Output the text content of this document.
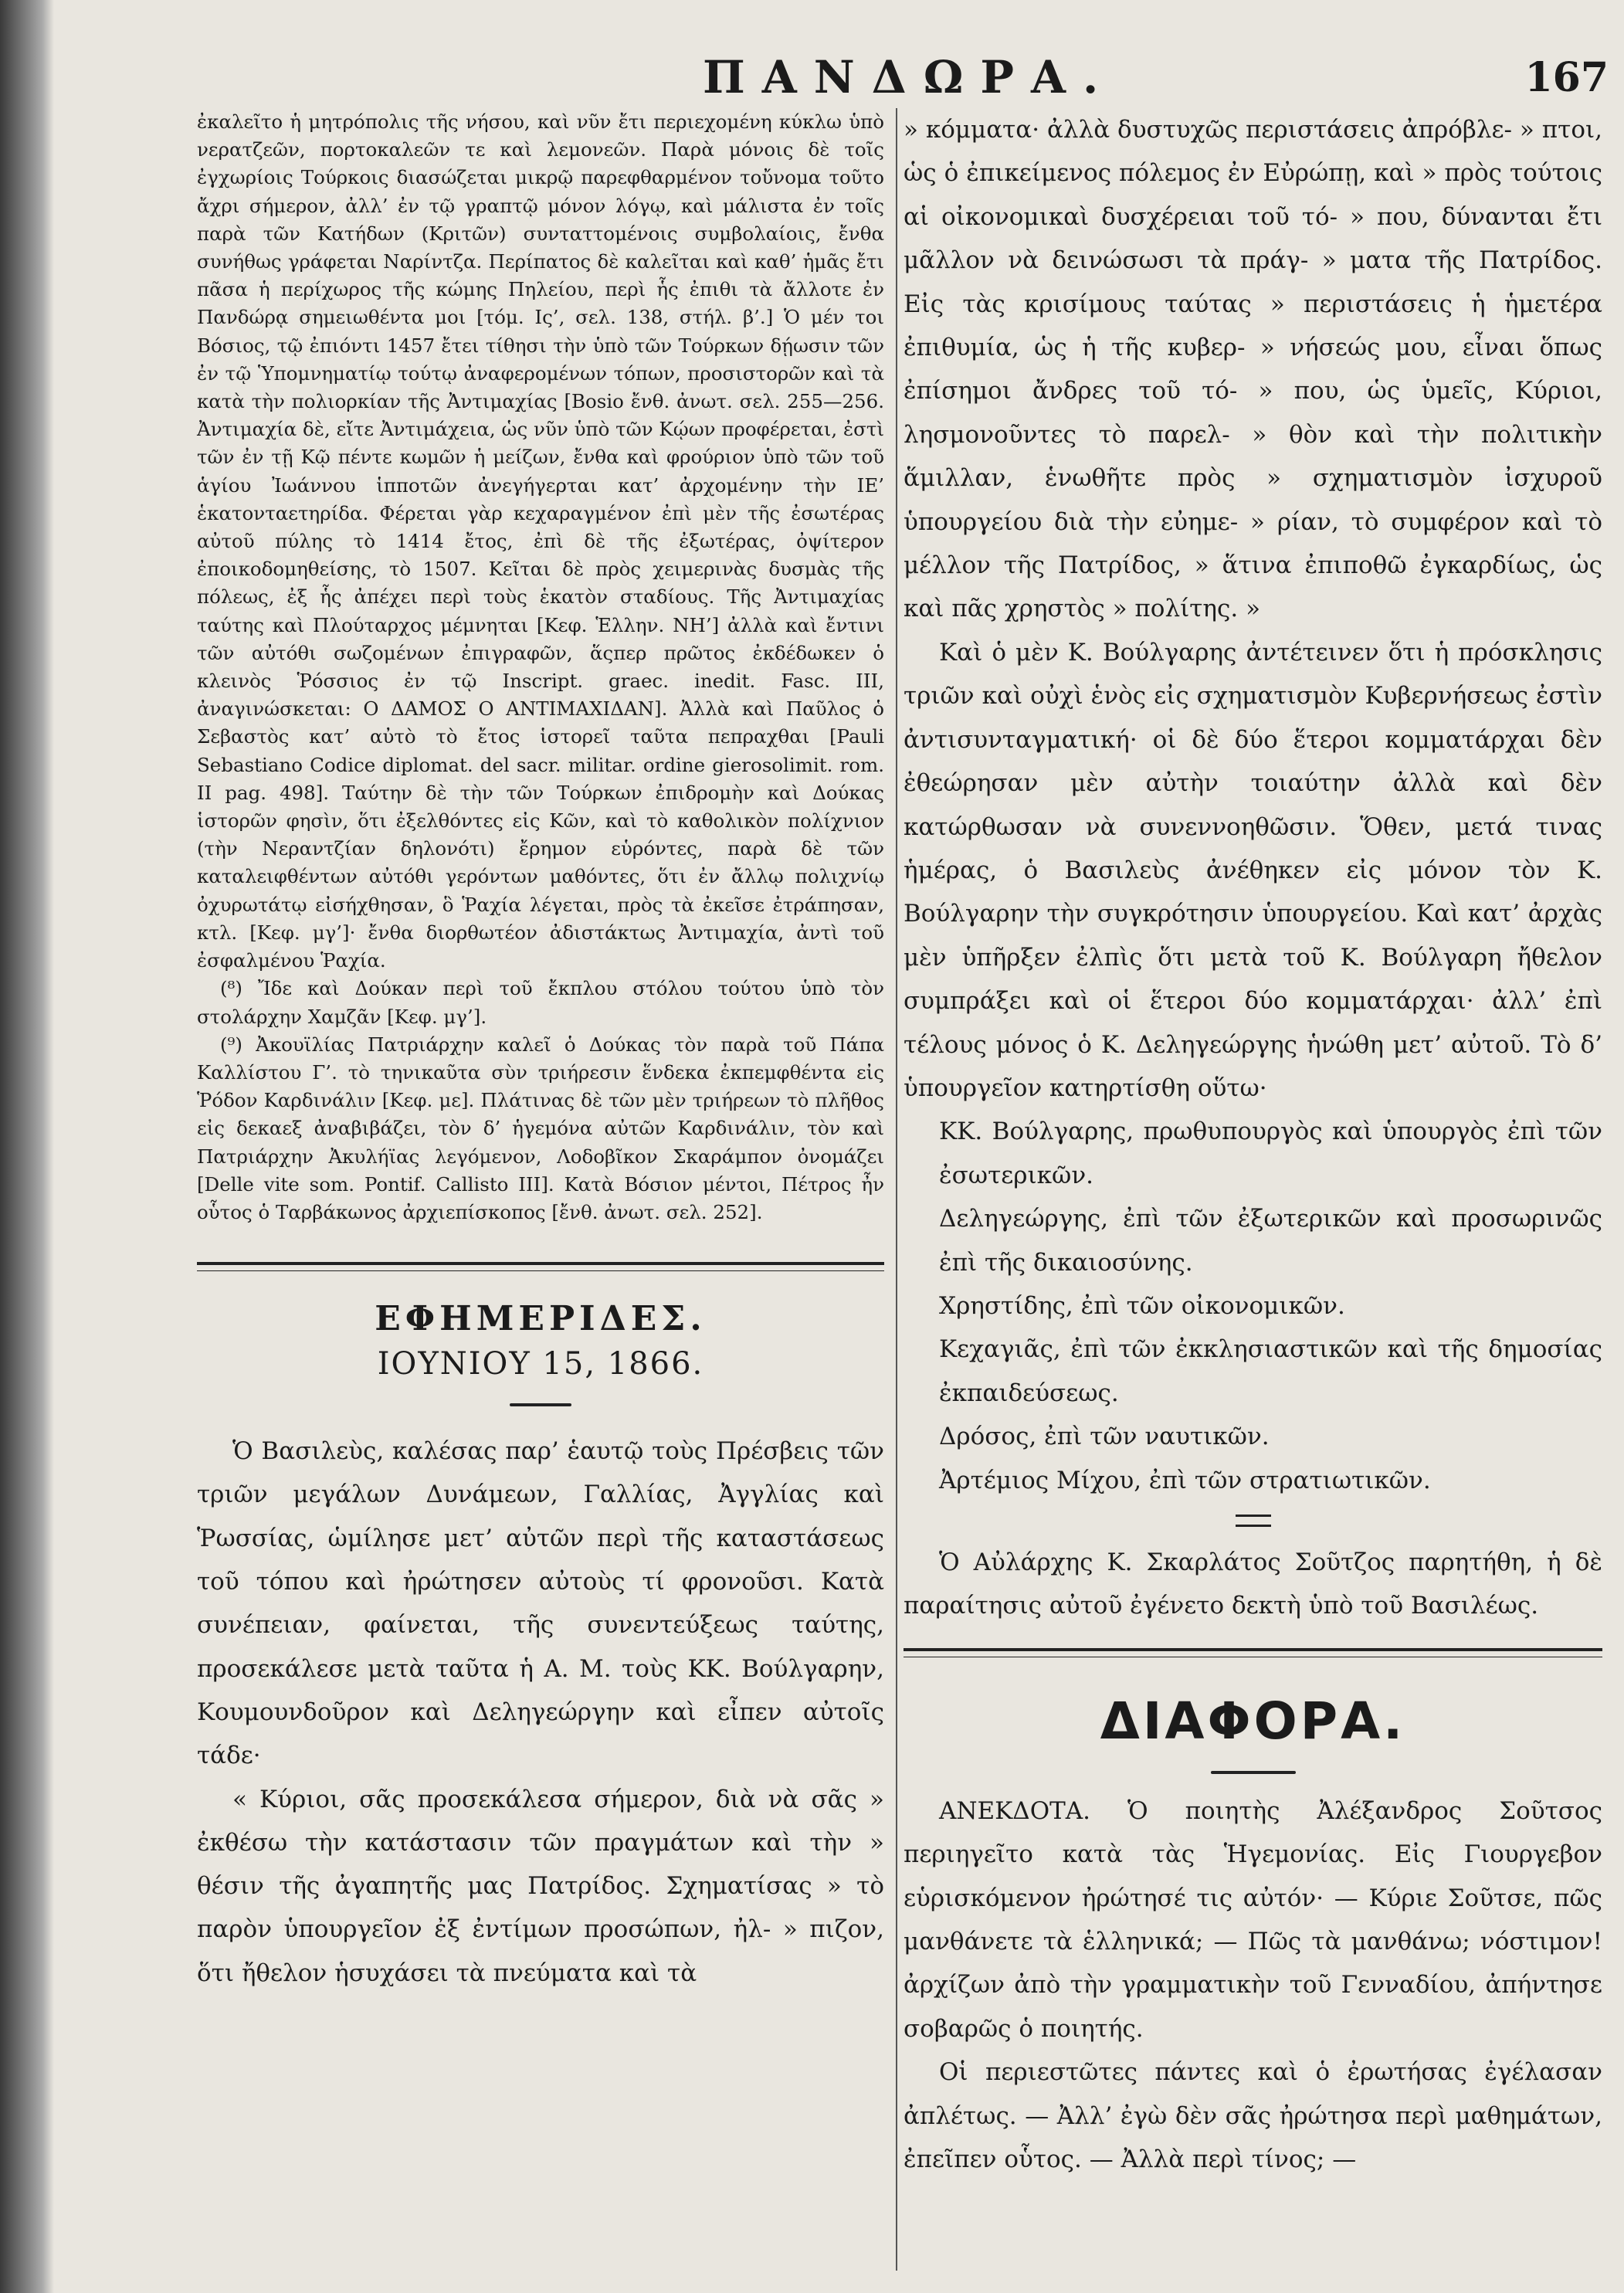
ΠΑΝΔΩΡΑ.	167

ἐκαλεῖτο ἡ μητρόπολις τῆς νήσου, καὶ νῦν ἔτι περιεχομένη κύκλω ὑπὸ νερατζεῶν, πορτοκαλεῶν τε καὶ λεμονεῶν. Παρὰ μόνοις δὲ τοῖς ἐγχωρίοις Τούρκοις διασώζεται μικρῷ παρεφθαρμένον τοὔνομα τοῦτο ἄχρι σήμερον, ἀλλ’ ἐν τῷ γραπτῷ μόνον λόγῳ, καὶ μάλιστα ἐν τοῖς παρὰ τῶν Κατήδων (Κριτῶν) συνταττομένοις συμβολαίοις, ἔνθα συνήθως γράφεται Ναρίντζα. Περίπατος δὲ καλεῖται καὶ καθ’ ἡμᾶς ἔτι πᾶσα ἡ περίχωρος τῆς κώμης Πηλείου, περὶ ἧς ἐπιθι τὰ ἄλλοτε ἐν Πανδώρᾳ σημειωθέντα μοι [τόμ. Ις’, σελ. 138, στήλ. β’.] Ὁ μέν τοι Βόσιος, τῷ ἐπιόντι 1457 ἔτει τίθησι τὴν ὑπὸ τῶν Τούρκων δῄωσιν τῶν ἐν τῷ Ὑπομνηματίῳ τούτῳ ἀναφερομένων τόπων, προσιστορῶν καὶ τὰ κατὰ τὴν πολιορκίαν τῆς Ἀντιμαχίας [Bosio ἔνθ. ἀνωτ. σελ. 255—256. Ἀντιμαχία δὲ, εἴτε Ἀντιμάχεια, ὡς νῦν ὑπὸ τῶν Κῴων προφέρεται, ἐστὶ τῶν ἐν τῇ Κῷ πέντε κωμῶν ἡ μείζων, ἔνθα καὶ φρούριον ὑπὸ τῶν τοῦ ἁγίου Ἰωάννου ἱπποτῶν ἀνεγήγερται κατ’ ἀρχομένην τὴν ΙΕ’ ἑκατονταετηρίδα. Φέρεται γὰρ κεχαραγμένον ἐπὶ μὲν τῆς ἐσωτέρας αὐτοῦ πύλης τὸ 1414 ἔτος, ἐπὶ δὲ τῆς ἐξωτέρας, ὀψίτερον ἐποικοδομηθείσης, τὸ 1507. Κεῖται δὲ πρὸς χειμερινὰς δυσμὰς τῆς πόλεως, ἐξ ἧς ἀπέχει περὶ τοὺς ἑκατὸν σταδίους. Τῆς Ἀντιμαχίας ταύτης καὶ Πλούταρχος μέμνηται [Κεφ. Ἑλλην. ΝΗ’] ἀλλὰ καὶ ἔντινι τῶν αὐτόθι σωζομένων ἐπιγραφῶν, ἅςπερ πρῶτος ἐκδέδωκεν ὁ κλεινὸς Ῥόσσιος ἐν τῷ Inscript. graec. inedit. Fasc. III, ἀναγινώσκεται: Ο ΔΑΜΟΣ Ο ΑΝΤΙΜΑΧΙΔΑΝ]. Ἀλλὰ καὶ Παῦλος ὁ Σεβαστὸς κατ’ αὐτὸ τὸ ἔτος ἱστορεῖ ταῦτα πεπραχθαι [Pauli Sebastiano Codice diplomat. del sacr. militar. ordine gierosolimit. rom. II pag. 498]. Ταύτην δὲ τὴν τῶν Τούρκων ἐπιδρομὴν καὶ Δούκας ἱστορῶν φησὶν, ὅτι ἐξελθόντες εἰς Κῶν, καὶ τὸ καθολικὸν πολίχνιον (τὴν Νεραντζίαν δηλονότι) ἔρημον εὑρόντες, παρὰ δὲ τῶν καταλειφθέντων αὐτόθι γερόντων μαθόντες, ὅτι ἐν ἄλλῳ πολιχνίῳ ὀχυρωτάτῳ εἰσήχθησαν, ὃ Ῥαχία λέγεται, πρὸς τὰ ἐκεῖσε ἐτράπησαν, κτλ. [Κεφ. μγ’]· ἔνθα διορθωτέον ἀδιστάκτως Ἀντιμαχία, ἀντὶ τοῦ ἐσφαλμένου Ῥαχία.

(⁸) Ἴδε καὶ Δούκαν περὶ τοῦ ἔκπλου στόλου τούτου ὑπὸ τὸν στολάρχην Χαμζᾶν [Κεφ. μγ’].

(⁹) Ἀκουϊλίας Πατριάρχην καλεῖ ὁ Δούκας τὸν παρὰ τοῦ Πάπα Καλλίστου Γ’. τὸ τηνικαῦτα σὺν τριήρεσιν ἕνδεκα ἐκπεμφθέντα εἰς Ῥόδον Καρδινάλιν [Κεφ. με]. Πλάτινας δὲ τῶν μὲν τριήρεων τὸ πλῆθος εἰς δεκαεξ ἀναβιβάζει, τὸν δ’ ἡγεμόνα αὐτῶν Καρδινάλιν, τὸν καὶ Πατριάρχην Ἀκυλήϊας λεγόμενον, Λοδοβῖκον Σκαράμπον ὀνομάζει [Delle vite som. Pontif. Callisto III]. Κατὰ Βόσιον μέντοι, Πέτρος ἦν οὗτος ὁ Ταρβάκωνος ἀρχιεπίσκοπος [ἔνθ. ἀνωτ. σελ. 252].

ΕΦΗΜΕΡΙΔΕΣ.
ΙΟΥΝΙΟΥ 15, 1866.

Ὁ Βασιλεὺς, καλέσας παρ’ ἑαυτῷ τοὺς Πρέσβεις τῶν τριῶν μεγάλων Δυνάμεων, Γαλλίας, Ἀγγλίας καὶ Ῥωσσίας, ὡμίλησε μετ’ αὐτῶν περὶ τῆς καταστάσεως τοῦ τόπου καὶ ἠρώτησεν αὐτοὺς τί φρονοῦσι. Κατὰ συνέπειαν, φαίνεται, τῆς συνεντεύξεως ταύτης, προσεκάλεσε μετὰ ταῦτα ἡ Α. Μ. τοὺς ΚΚ. Βούλγαρην, Κουμουνδοῦρον καὶ Δεληγεώργην καὶ εἶπεν αὐτοῖς τάδε·

« Κύριοι, σᾶς προσεκάλεσα σήμερον, διὰ νὰ σᾶς » ἐκθέσω τὴν κατάστασιν τῶν πραγμάτων καὶ τὴν » θέσιν τῆς ἀγαπητῆς μας Πατρίδος. Σχηματίσας » τὸ παρὸν ὑπουργεῖον ἐξ ἐντίμων προσώπων, ἠλ- » πιζον, ὅτι ἤθελον ἡσυχάσει τὰ πνεύματα καὶ τὰ

» κόμματα· ἀλλὰ δυστυχῶς περιστάσεις ἀπρόβλε- » πτοι, ὡς ὁ ἐπικείμενος πόλεμος ἐν Εὐρώπῃ, καὶ » πρὸς τούτοις αἱ οἰκονομικαὶ δυσχέρειαι τοῦ τό- » που, δύνανται ἔτι μᾶλλον νὰ δεινώσωσι τὰ πράγ- » ματα τῆς Πατρίδος. Εἰς τὰς κρισίμους ταύτας » περιστάσεις ἡ ἡμετέρα ἐπιθυμία, ὡς ἡ τῆς κυβερ- » νήσεώς μου, εἶναι ὅπως ἐπίσημοι ἄνδρες τοῦ τό- » που, ὡς ὑμεῖς, Κύριοι, λησμονοῦντες τὸ παρελ- » θὸν καὶ τὴν πολιτικὴν ἅμιλλαν, ἑνωθῆτε πρὸς » σχηματισμὸν ἰσχυροῦ ὑπουργείου διὰ τὴν εὐημε- » ρίαν, τὸ συμφέρον καὶ τὸ μέλλον τῆς Πατρίδος, » ἅτινα ἐπιποθῶ ἐγκαρδίως, ὡς καὶ πᾶς χρηστὸς » πολίτης. »

Καὶ ὁ μὲν Κ. Βούλγαρης ἀντέτεινεν ὅτι ἡ πρόσκλησις τριῶν καὶ οὐχὶ ἑνὸς εἰς σχηματισμὸν Κυβερνήσεως ἐστὶν ἀντισυνταγματική· οἱ δὲ δύο ἕτεροι κομματάρχαι δὲν ἐθεώρησαν μὲν αὐτὴν τοιαύτην ἀλλὰ καὶ δὲν κατώρθωσαν νὰ συνεννοηθῶσιν. Ὅθεν, μετά τινας ἡμέρας, ὁ Βασιλεὺς ἀνέθηκεν εἰς μόνον τὸν Κ. Βούλγαρην τὴν συγκρότησιν ὑπουργείου. Καὶ κατ’ ἀρχὰς μὲν ὑπῆρξεν ἐλπὶς ὅτι μετὰ τοῦ Κ. Βούλγαρη ἤθελον συμπράξει καὶ οἱ ἕτεροι δύο κομματάρχαι· ἀλλ’ ἐπὶ τέλους μόνος ὁ Κ. Δεληγεώργης ἡνώθη μετ’ αὐτοῦ. Τὸ δ’ ὑπουργεῖον κατηρτίσθη οὕτω·

ΚΚ. Βούλγαρης, πρωθυπουργὸς καὶ ὑπουργὸς ἐπὶ τῶν ἐσωτερικῶν.

Δεληγεώργης, ἐπὶ τῶν ἐξωτερικῶν καὶ προσωρινῶς ἐπὶ τῆς δικαιοσύνης.

Χρηστίδης, ἐπὶ τῶν οἰκονομικῶν.

Κεχαγιᾶς, ἐπὶ τῶν ἐκκλησιαστικῶν καὶ τῆς δημοσίας ἐκπαιδεύσεως.

Δρόσος, ἐπὶ τῶν ναυτικῶν.

Ἀρτέμιος Μίχου, ἐπὶ τῶν στρατιωτικῶν.

Ὁ Αὐλάρχης Κ. Σκαρλάτος Σοῦτζος παρητήθη, ἡ δὲ παραίτησις αὐτοῦ ἐγένετο δεκτὴ ὑπὸ τοῦ Βασιλέως.

ΔΙΑΦΟΡΑ.

ΑΝΕΚΔΟΤΑ. Ὁ ποιητὴς Ἀλέξανδρος Σοῦτσος περιηγεῖτο κατὰ τὰς Ἡγεμονίας. Εἰς Γιουργεβον εὑρισκόμενον ἠρώτησέ τις αὐτόν· — Κύριε Σοῦτσε, πῶς μανθάνετε τὰ ἑλληνικά; — Πῶς τὰ μανθάνω; νόστιμον! ἀρχίζων ἀπὸ τὴν γραμματικὴν τοῦ Γενναδίου, ἀπήντησε σοβαρῶς ὁ ποιητής.

Οἱ περιεστῶτες πάντες καὶ ὁ ἐρωτήσας ἐγέλασαν ἀπλέτως. — Ἀλλ’ ἐγὼ δὲν σᾶς ἠρώτησα περὶ μαθημάτων, ἐπεῖπεν οὗτος. — Ἀλλὰ περὶ τίνος; —
